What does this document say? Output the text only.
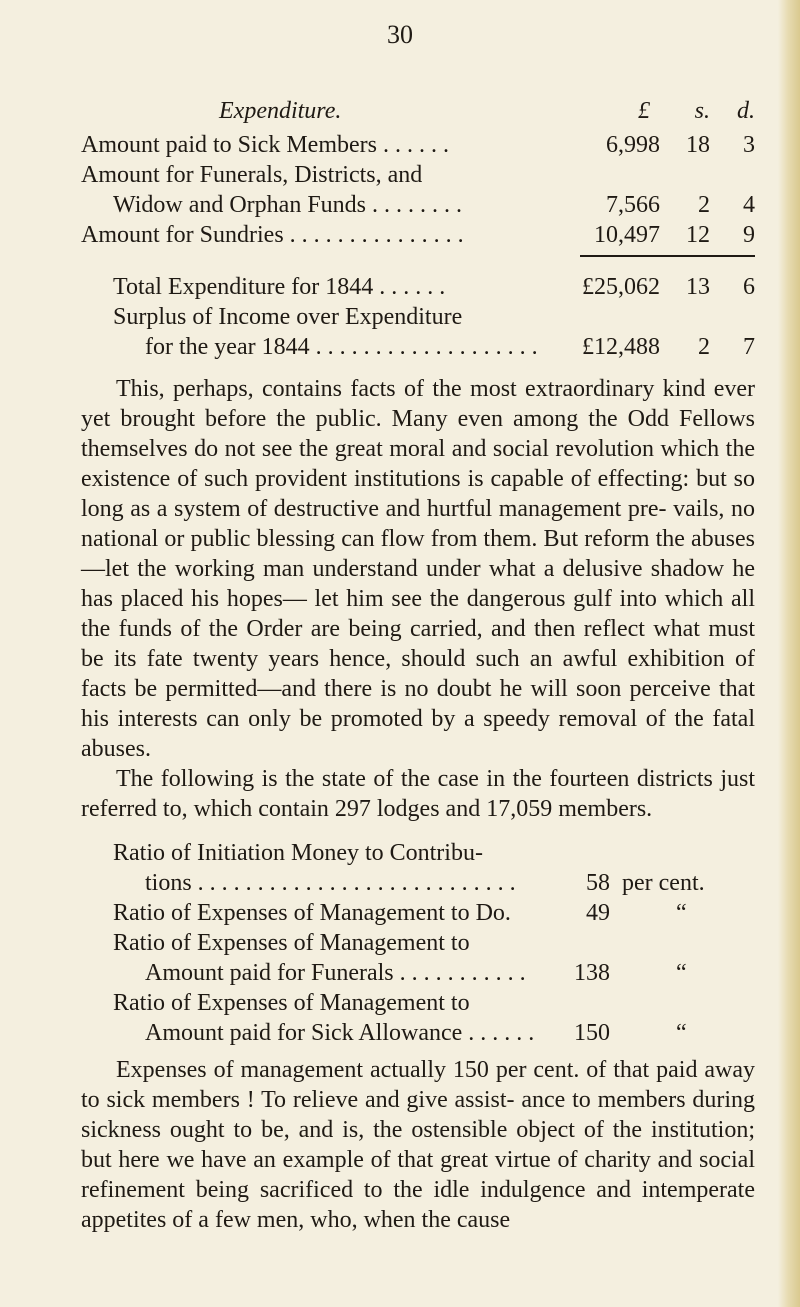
30
Expenditure.	£	s.	d.
Amount paid to Sick Members . . . . . .	6,998	18	3
Amount for Funerals, Districts, and
Widow and Orphan Funds . . . . . . . .	7,566	2	4
Amount for Sundries . . . . . . . . . . . . . . .	10,497	12	9
Total Expenditure for 1844 . . . . . .	£25,062	13	6
Surplus of Income over Expenditure
for the year 1844 . . . . . . . . . . . . . . . . . . .	£12,488	2	7

This, perhaps, contains facts of the most extraordinary kind ever yet brought before the public. Many even among the Odd Fellows themselves do not see the great moral and social revolution which the existence of such provident institutions is capable of effecting: but so long as a system of destructive and hurtful management pre- vails, no national or public blessing can flow from them. But reform the abuses—let the working man understand under what a delusive shadow he has placed his hopes— let him see the dangerous gulf into which all the funds of the Order are being carried, and then reflect what must be its fate twenty years hence, should such an awful exhibition of facts be permitted—and there is no doubt he will soon perceive that his interests can only be promoted by a speedy removal of the fatal abuses.

The following is the state of the case in the fourteen districts just referred to, which contain 297 lodges and 17,059 members.

Ratio of Initiation Money to Contribu-
tions . . . . . . . . . . . . . . . . . . . . . . . . . . .	58 per cent.
Ratio of Expenses of Management to Do.	49	“
Ratio of Expenses of Management to
Amount paid for Funerals . . . . . . . . . . .	138	“
Ratio of Expenses of Management to
Amount paid for Sick Allowance . . . . . .	150	“

Expenses of management actually 150 per cent. of that paid away to sick members ! To relieve and give assist- ance to members during sickness ought to be, and is, the ostensible object of the institution; but here we have an example of that great virtue of charity and social refinement being sacrificed to the idle indulgence and intemperate appetites of a few men, who, when the cause
